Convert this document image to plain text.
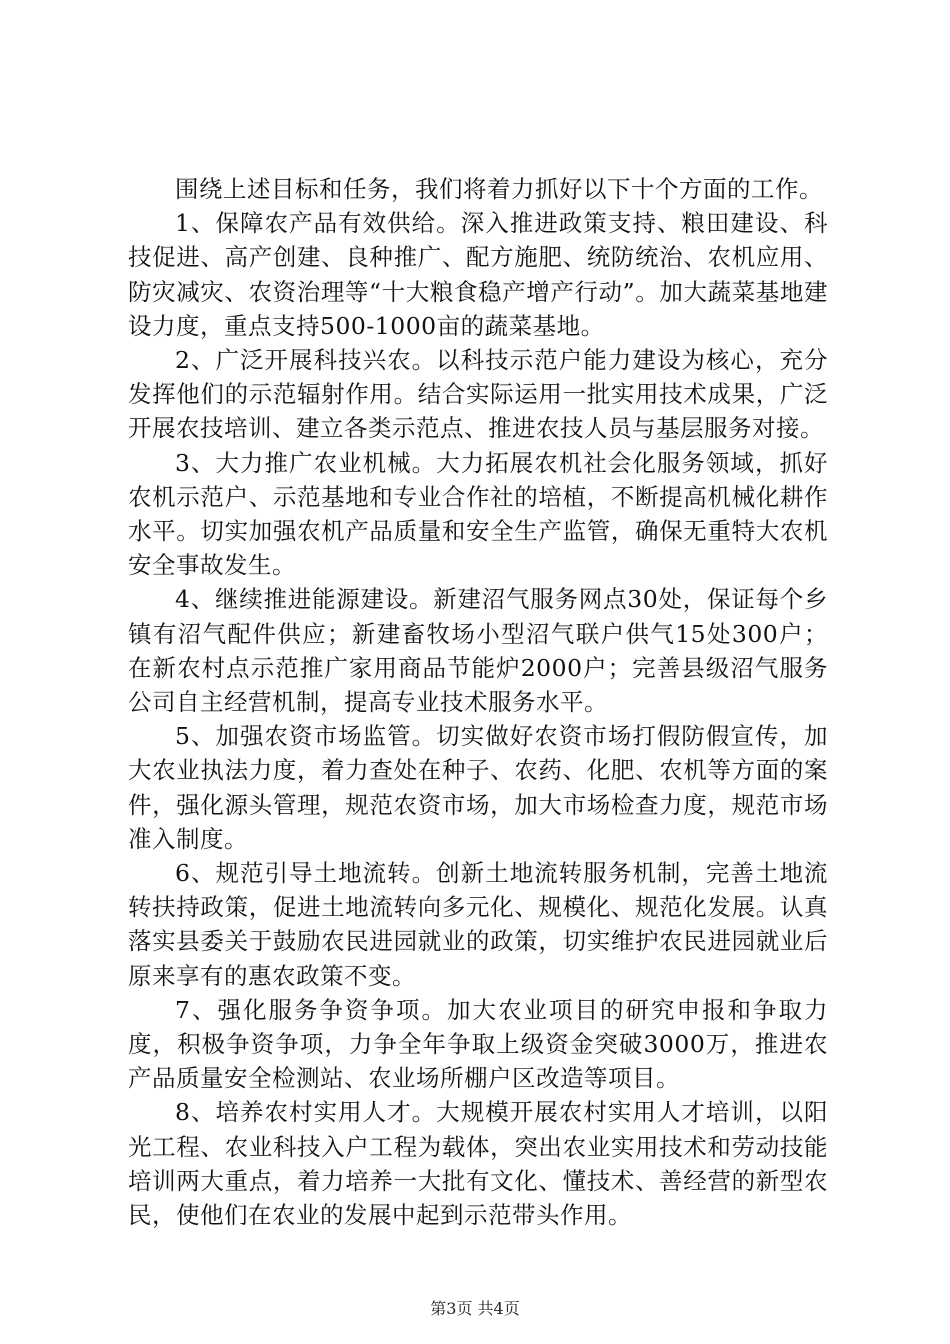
围绕上述目标和任务，我们将着力抓好以下十个方面的工作。

1、保障农产品有效供给。深入推进政策支持、粮田建设、科技促进、高产创建、良种推广、配方施肥、统防统治、农机应用、防灾减灾、农资治理等“十大粮食稳产增产行动”。加大蔬菜基地建设力度，重点支持500-1000亩的蔬菜基地。

2、广泛开展科技兴农。以科技示范户能力建设为核心，充分发挥他们的示范辐射作用。结合实际运用一批实用技术成果，广泛开展农技培训、建立各类示范点、推进农技人员与基层服务对接。

3、大力推广农业机械。大力拓展农机社会化服务领域，抓好农机示范户、示范基地和专业合作社的培植，不断提高机械化耕作水平。切实加强农机产品质量和安全生产监管，确保无重特大农机安全事故发生。

4、继续推进能源建设。新建沼气服务网点30处，保证每个乡镇有沼气配件供应；新建畜牧场小型沼气联户供气15处300户；在新农村点示范推广家用商品节能炉2000户；完善县级沼气服务公司自主经营机制，提高专业技术服务水平。

5、加强农资市场监管。切实做好农资市场打假防假宣传，加大农业执法力度，着力查处在种子、农药、化肥、农机等方面的案件，强化源头管理，规范农资市场，加大市场检查力度，规范市场准入制度。

6、规范引导土地流转。创新土地流转服务机制，完善土地流转扶持政策，促进土地流转向多元化、规模化、规范化发展。认真落实县委关于鼓励农民进园就业的政策，切实维护农民进园就业后原来享有的惠农政策不变。

7、强化服务争资争项。加大农业项目的研究申报和争取力度，积极争资争项，力争全年争取上级资金突破3000万，推进农产品质量安全检测站、农业场所棚户区改造等项目。

8、培养农村实用人才。大规模开展农村实用人才培训，以阳光工程、农业科技入户工程为载体，突出农业实用技术和劳动技能培训两大重点，着力培养一大批有文化、懂技术、善经营的新型农民，使他们在农业的发展中起到示范带头作用。

第3页 共4页
